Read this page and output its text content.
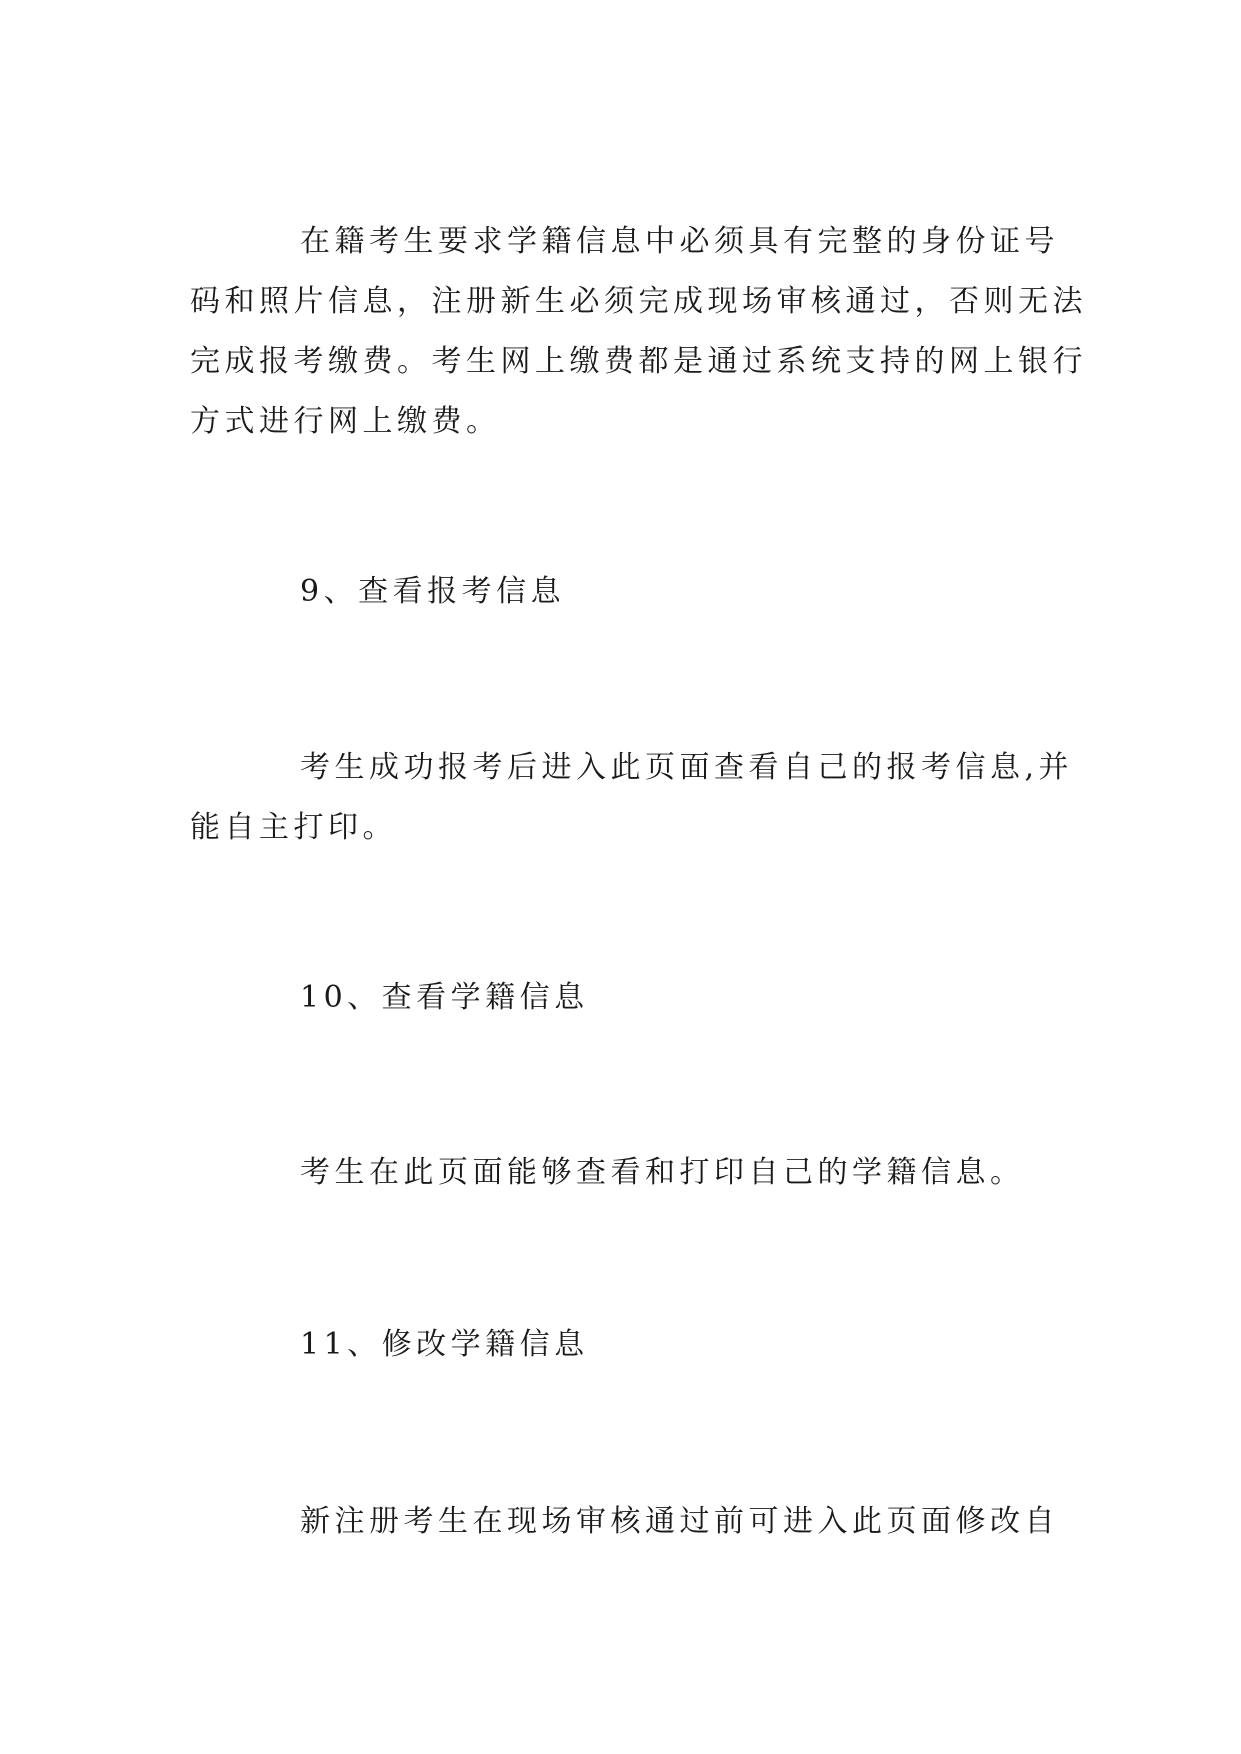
在籍考生要求学籍信息中必须具有完整的身份证号
码和照片信息，注册新生必须完成现场审核通过，否则无法
完成报考缴费。考生网上缴费都是通过系统支持的网上银行
方式进行网上缴费。
9、查看报考信息
考生成功报考后进入此页面查看自己的报考信息,并
能自主打印。
10、查看学籍信息
考生在此页面能够查看和打印自己的学籍信息。
11、修改学籍信息
新注册考生在现场审核通过前可进入此页面修改自
